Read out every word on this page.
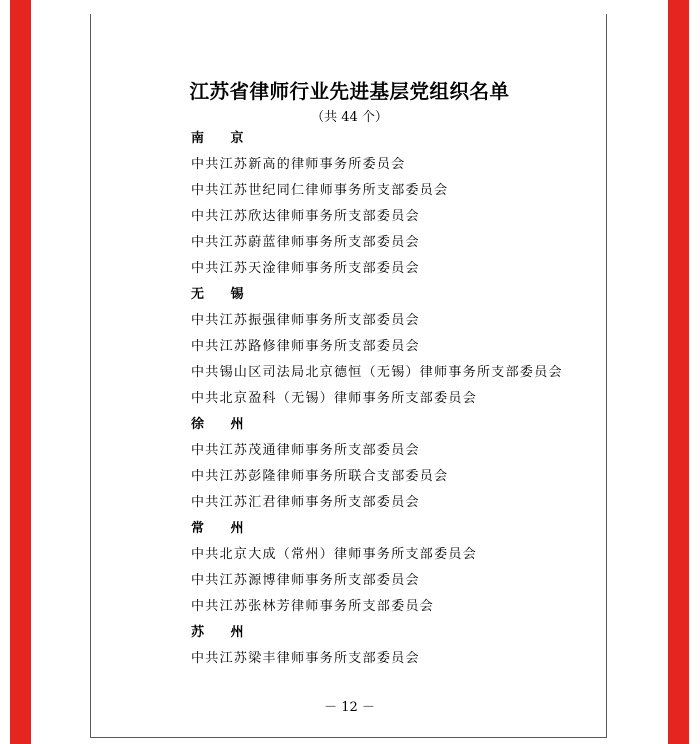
江苏省律师行业先进基层党组织名单
（共 44 个）
南 京
中共江苏新高的律师事务所委员会
中共江苏世纪同仁律师事务所支部委员会
中共江苏欣达律师事务所支部委员会
中共江苏蔚蓝律师事务所支部委员会
中共江苏天淦律师事务所支部委员会
无 锡
中共江苏振强律师事务所支部委员会
中共江苏路修律师事务所支部委员会
中共锡山区司法局北京德恒（无锡）律师事务所支部委员会
中共北京盈科（无锡）律师事务所支部委员会
徐 州
中共江苏茂通律师事务所支部委员会
中共江苏彭隆律师事务所联合支部委员会
中共江苏汇君律师事务所支部委员会
常 州
中共北京大成（常州）律师事务所支部委员会
中共江苏源博律师事务所支部委员会
中共江苏张林芳律师事务所支部委员会
苏 州
中共江苏梁丰律师事务所支部委员会
－ 12 －
